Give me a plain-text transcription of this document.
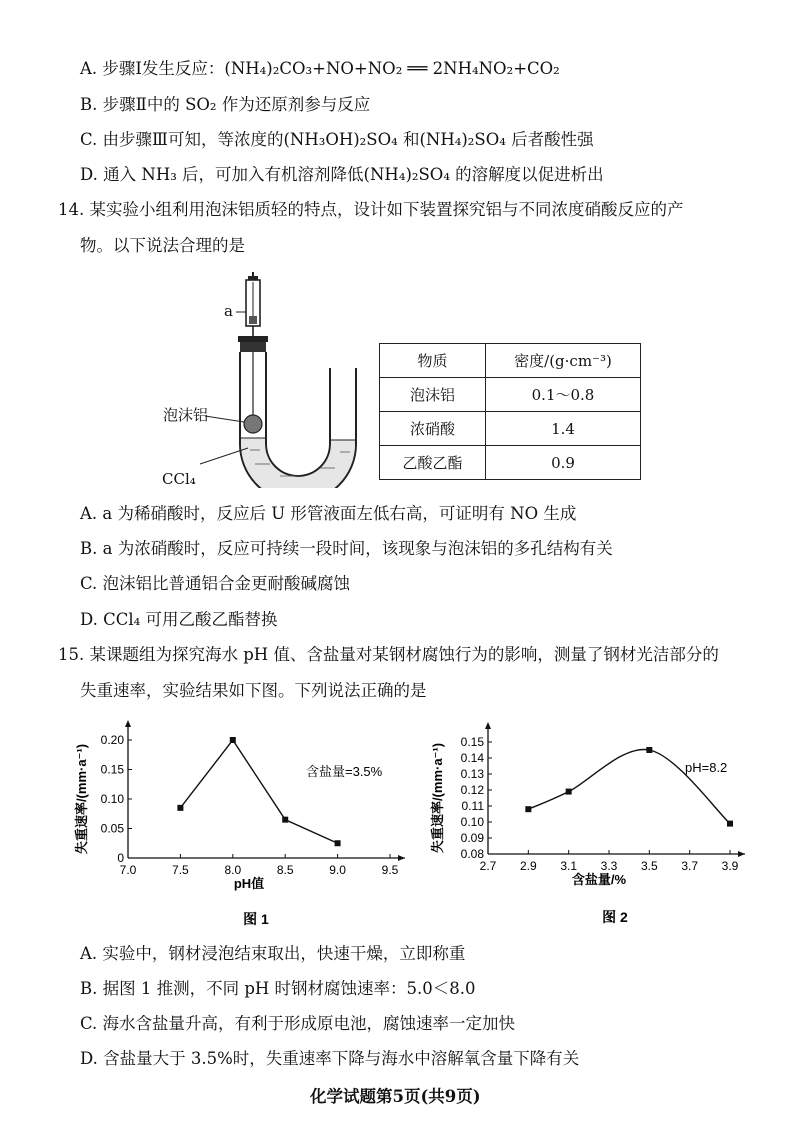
A. 步骤Ⅰ发生反应：(NH₄)₂CO₃+NO+NO₂ ══ 2NH₄NO₂+CO₂
B. 步骤Ⅱ中的 SO₂ 作为还原剂参与反应
C. 由步骤Ⅲ可知，等浓度的(NH₃OH)₂SO₄ 和(NH₄)₂SO₄ 后者酸性强
D. 通入 NH₃ 后，可加入有机溶剂降低(NH₄)₂SO₄ 的溶解度以促进析出
14. 某实验小组利用泡沫铝质轻的特点，设计如下装置探究铝与不同浓度硝酸反应的产
物。以下说法合理的是
a
泡沫铝
CCl₄
物质	密度/(g·cm⁻³)
泡沫铝	0.1～0.8
浓硝酸	1.4
乙酸乙酯	0.9
A. a 为稀硝酸时，反应后 U 形管液面左低右高，可证明有 NO 生成
B. a 为浓硝酸时，反应可持续一段时间，该现象与泡沫铝的多孔结构有关
C. 泡沫铝比普通铝合金更耐酸碱腐蚀
D. CCl₄ 可用乙酸乙酯替换
15. 某课题组为探究海水 pH 值、含盐量对某钢材腐蚀行为的影响，测量了钢材光洁部分的
失重速率，实验结果如下图。下列说法正确的是
7.0	7.5	8.0	8.5	9.0	9.5
0
0.05
0.10
0.15
0.20
pH值
失重速率/(mm·a⁻¹)	含盐量=3.5%
图 1
2.7 2.9 3.1 3.3 3.5 3.7 3.9
0.08
0.09
0.10
0.11
0.12
0.13
0.14
0.15
含盐量/%
失重速率/(mm·a⁻¹)	pH=8.2
图 2
A. 实验中，钢材浸泡结束取出，快速干燥，立即称重
B. 据图 1 推测，不同 pH 时钢材腐蚀速率：5.0＜8.0
C. 海水含盐量升高，有利于形成原电池，腐蚀速率一定加快
D. 含盐量大于 3.5%时，失重速率下降与海水中溶解氧含量下降有关
化学试题第5页(共9页)
